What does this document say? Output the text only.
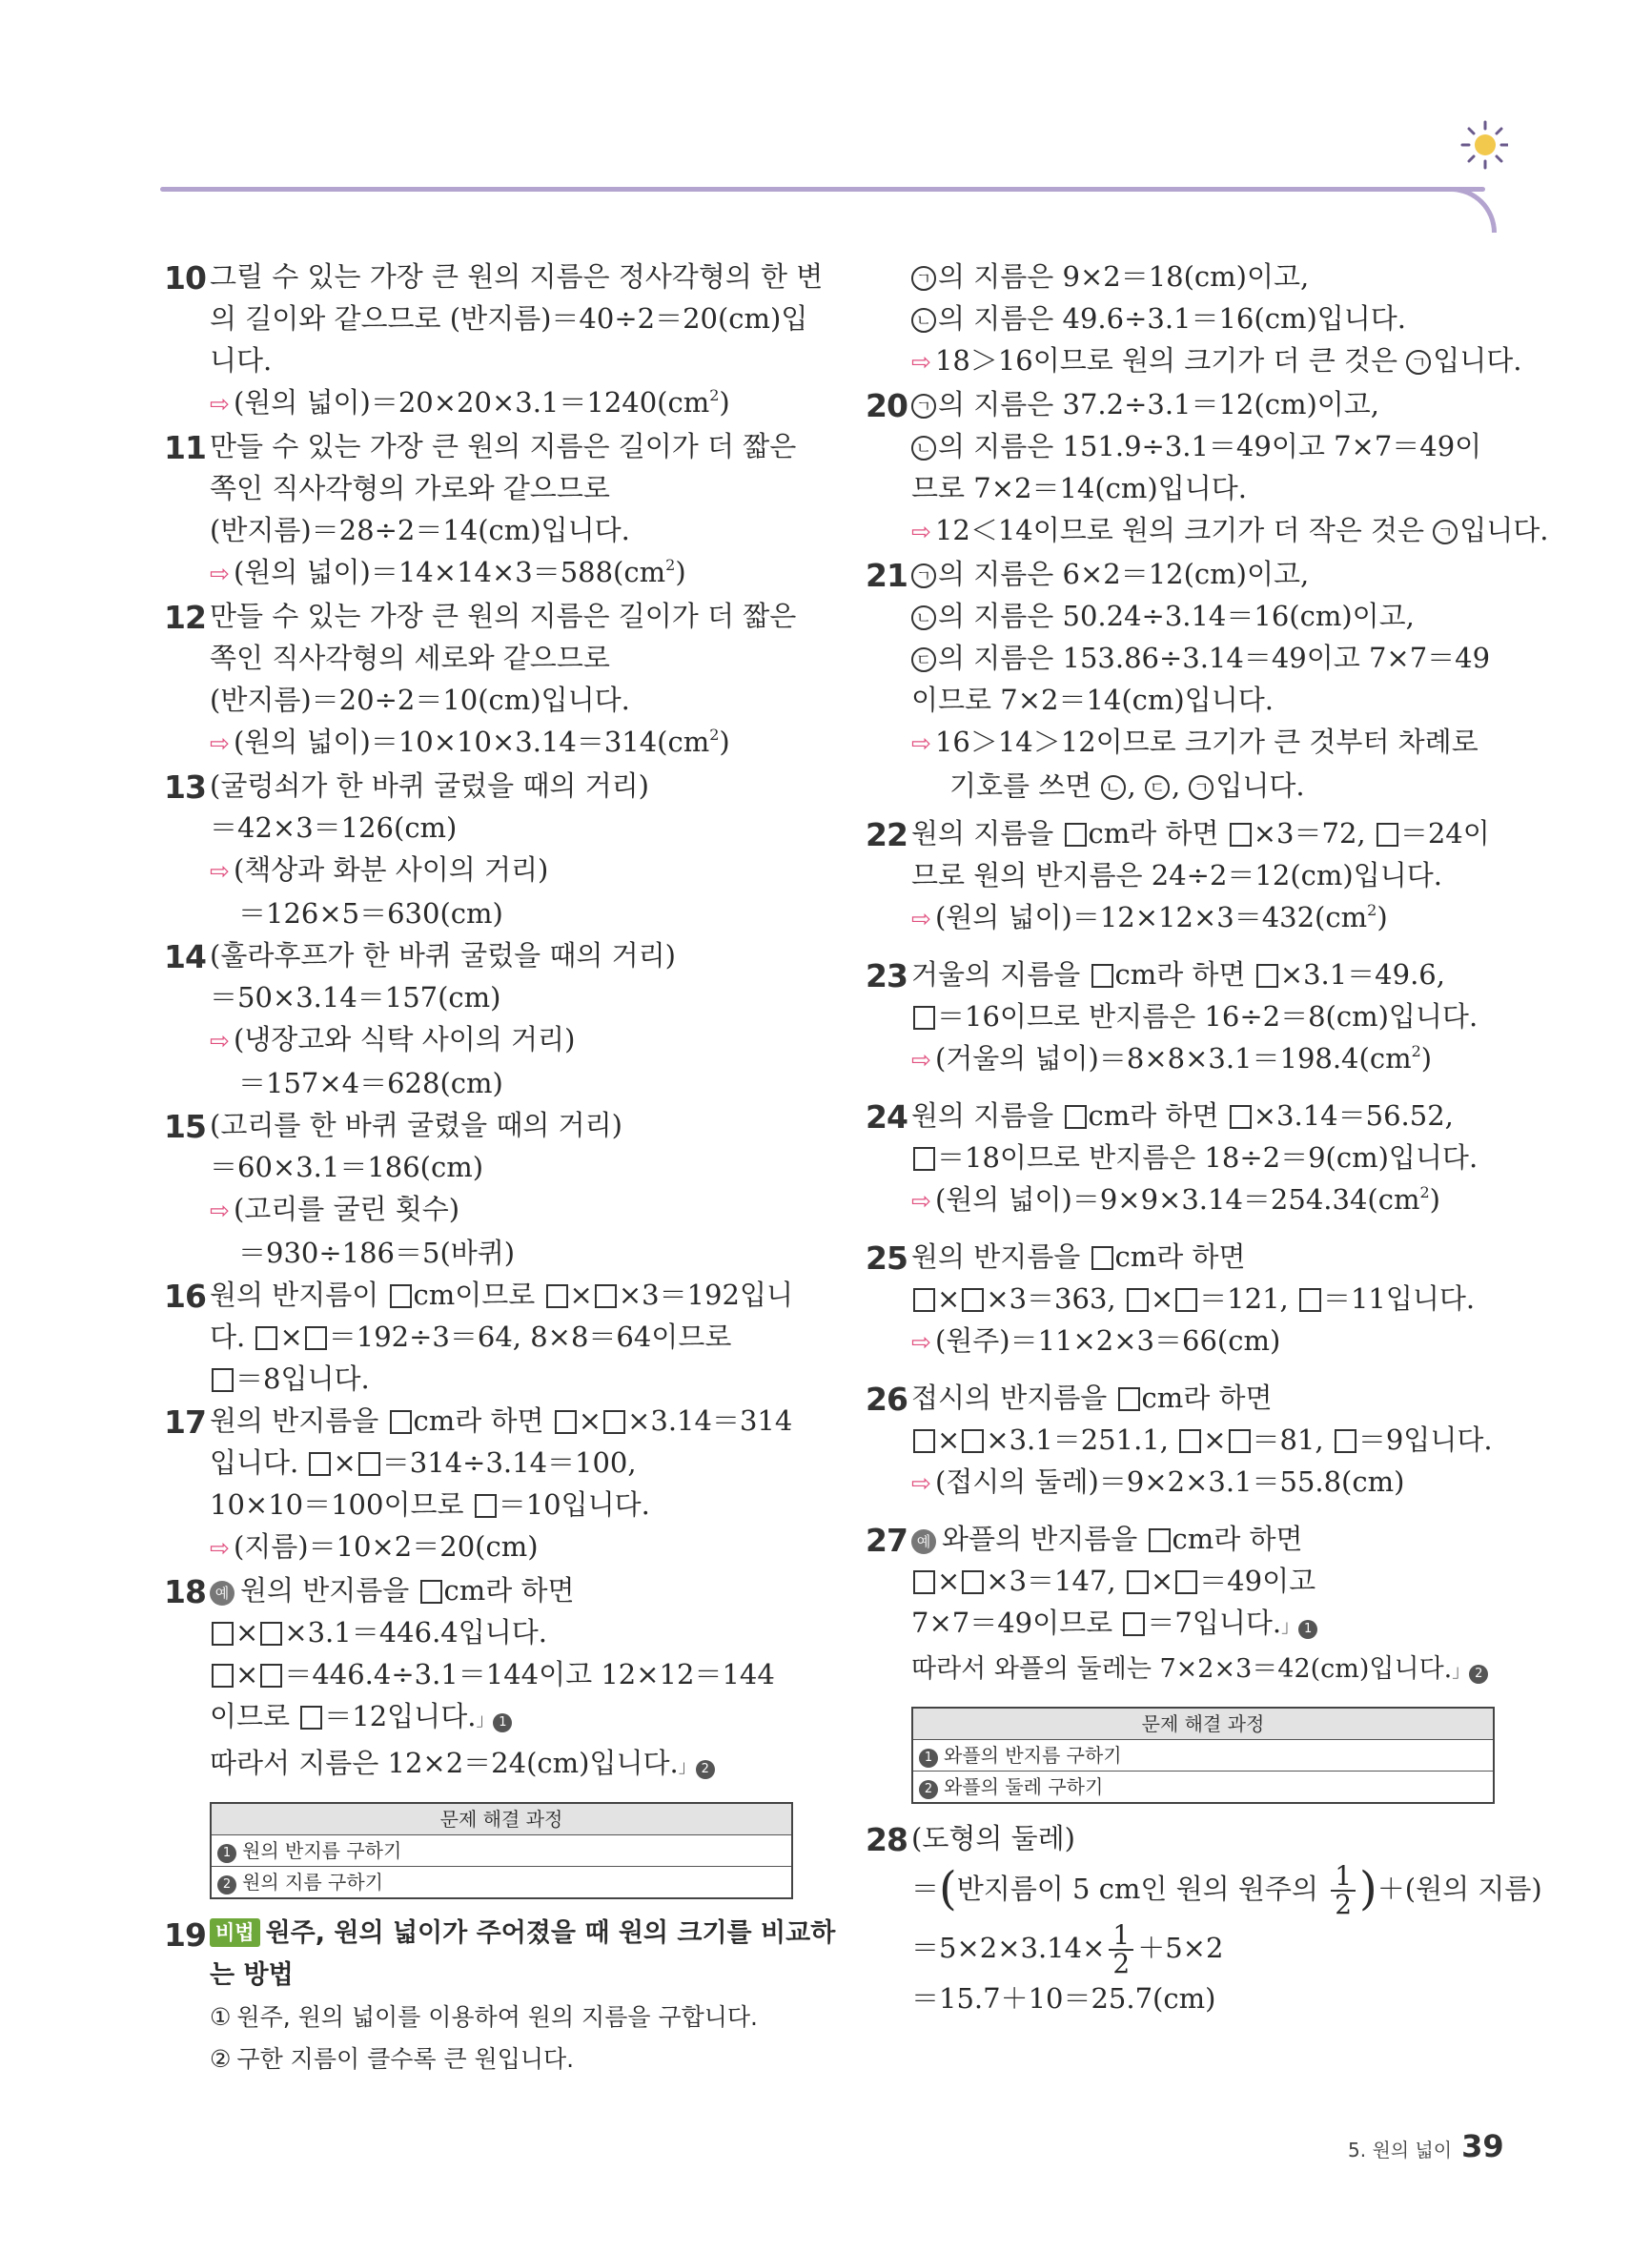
10 그릴 수 있는 가장 큰 원의 지름은 정사각형의 한 변
의 길이와 같으므로 (반지름)＝40÷2＝20(cm)입
니다.
⇨ (원의 넓이)$=20\times 20\times 3.1=1240(cm^2)$
11 만들 수 있는 가장 큰 원의 지름은 길이가 더 짧은
쪽인 직사각형의 가로와 같으므로
(반지름)＝28÷2＝14(cm)입니다.
⇨ (원의 넓이)$=14\times 14\times 3=588(cm^2)$
12 만들 수 있는 가장 큰 원의 지름은 길이가 더 짧은
쪽인 직사각형의 세로와 같으므로
(반지름)＝20÷2＝10(cm)입니다.
⇨ (원의 넓이)$=10\times 10\times 3.14=314(cm^2)$
13 (굴렁쇠가 한 바퀴 굴렀을 때의 거리)
＝42×3＝126(cm)
⇨ (책상과 화분 사이의 거리)
＝126×5＝630(cm)
14 (훌라후프가 한 바퀴 굴렀을 때의 거리)
＝50×3.14＝157(cm)
⇨ (냉장고와 식탁 사이의 거리)
＝157×4＝628(cm)
15 (고리를 한 바퀴 굴렸을 때의 거리)
＝60×3.1＝186(cm)
⇨ (고리를 굴린 횟수)
＝930÷186＝5(바퀴)
16 원의 반지름이 cm이므로 × ×3＝192입니
다. × ＝192÷3＝64, 8×8＝64이므로
＝8입니다.
17 원의 반지름을 cm라 하면 × ×3.14＝314
입니다. × ＝314÷3.14＝100,
10×10＝100이므로 ＝10입니다.
⇨ (지름)＝10×2＝20(cm)
18 예 원의 반지름을 cm라 하면
× ×3.1＝446.4입니다.
× ＝446.4÷3.1＝144이고 12×12＝144
이므로 ＝12입니다.」 1
따라서 지름은 12×2＝24(cm)입니다.」 2
문제 해결 과정
1 원의 반지름 구하기
2 원의 지름 구하기
19 비법 원주, 원의 넓이가 주어졌을 때 원의 크기를 비교하
는 방법
① 원주, 원의 넓이를 이용하여 원의 지름을 구합니다.
② 구한 지름이 클수록 큰 원입니다.
ㄱ 의 지름은 9×2＝18(cm)이고,
ㄴ 의 지름은 49.6÷3.1＝16(cm)입니다.
⇨ 18＞16이므로 원의 크기가 더 큰 것은 ㄱ 입니다.
20 ㄱ 의 지름은 37.2÷3.1＝12(cm)이고,
ㄴ 의 지름은 151.9÷3.1＝49이고 7×7＝49이
므로 7×2＝14(cm)입니다.
⇨ 12＜14이므로 원의 크기가 더 작은 것은 ㄱ 입니다.
21 ㄱ 의 지름은 6×2＝12(cm)이고,
ㄴ 의 지름은 50.24÷3.14＝16(cm)이고,
ㄷ 의 지름은 153.86÷3.14＝49이고 7×7＝49
이므로 7×2＝14(cm)입니다.
⇨ 16＞14＞12이므로 크기가 큰 것부터 차례로
기호를 쓰면 ㄴ , ㄷ , ㄱ 입니다.
22 원의 지름을 cm라 하면 ×3＝72, ＝24이
므로 원의 반지름은 24÷2＝12(cm)입니다.
⇨ (원의 넓이)$=12\times 12\times 3=432(cm^2)$
23 거울의 지름을 cm라 하면 ×3.1＝49.6,
＝16이므로 반지름은 16÷2＝8(cm)입니다.
⇨ (거울의 넓이)$=8\times 8\times 3.1=198.4(cm^2)$
24 원의 지름을 cm라 하면 ×3.14＝56.52,
＝18이므로 반지름은 18÷2＝9(cm)입니다.
⇨ (원의 넓이)$=9\times 9\times 3.14=254.34(cm^2)$
25 원의 반지름을 cm라 하면
× ×3＝363, × ＝121, ＝11입니다.
⇨ (원주)＝11×2×3＝66(cm)
26 접시의 반지름을 cm라 하면
× ×3.1＝251.1, × ＝81, ＝9입니다.
⇨ (접시의 둘레)＝9×2×3.1＝55.8(cm)
27 예 와플의 반지름을 cm라 하면
× ×3＝147, × ＝49이고
7×7＝49이므로 ＝7입니다.」 1
따라서 와플의 둘레는 7×2×3＝42(cm)입니다.」 2
문제 해결 과정
1 와플의 반지름 구하기
2 와플의 둘레 구하기
28 (도형의 둘레)
＝(반지름이 5 cm인 원의 원주의 $\frac{1}{2}$ )＋(원의 지름)
$=5\times 2\times 3.14\times \frac{1}{2} +5\times 2$
＝15.7＋10＝25.7(cm)
5. 원의 넓이 39
